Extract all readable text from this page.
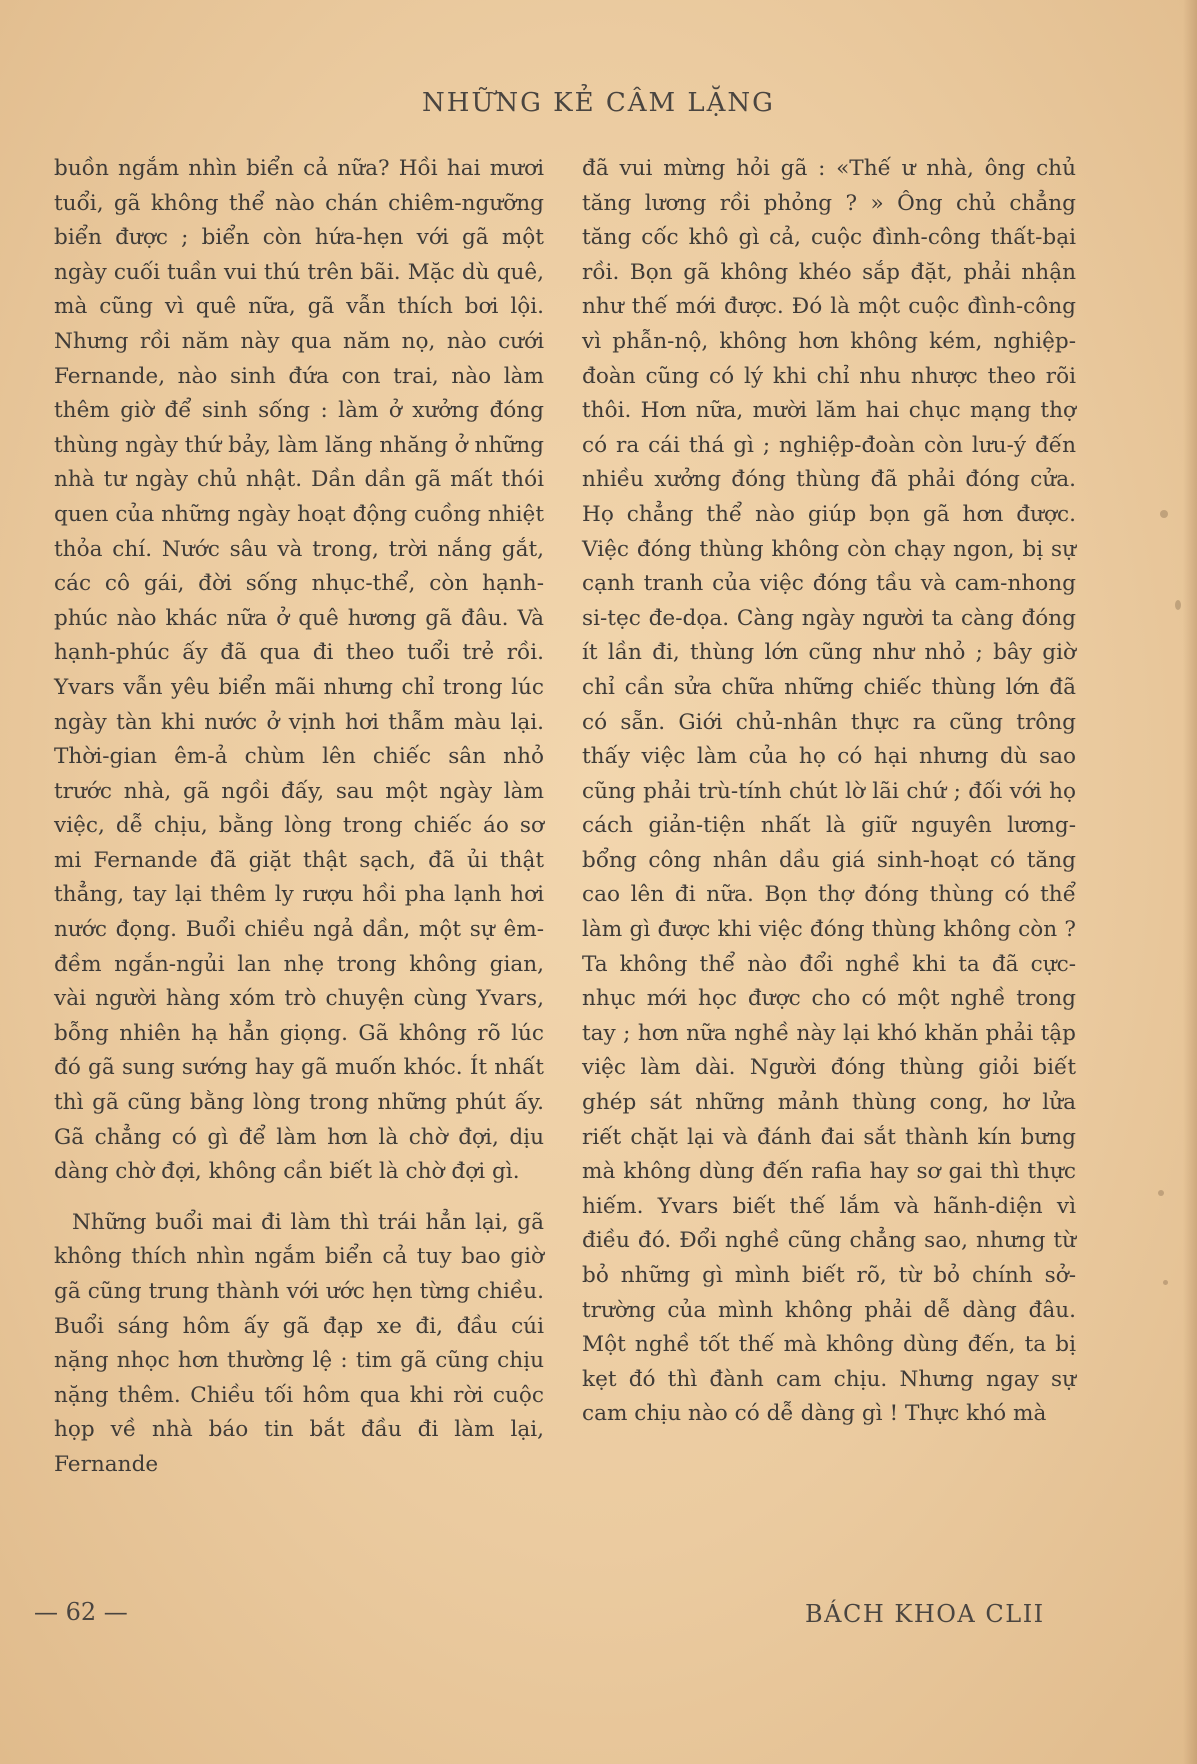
NHỮNG KẺ CÂM LẶNG

buồn ngắm nhìn biển cả nữa? Hồi hai mươi tuổi, gã không thể nào chán chiêm-ngưỡng biển được ; biển còn hứa-hẹn với gã một ngày cuối tuần vui thú trên bãi. Mặc dù quê, mà cũng vì quê nữa, gã vẫn thích bơi lội. Nhưng rồi năm này qua năm nọ, nào cưới Fernande, nào sinh đứa con trai, nào làm thêm giờ để sinh sống : làm ở xưởng đóng thùng ngày thứ bảy, làm lăng nhăng ở những nhà tư ngày chủ nhật. Dần dần gã mất thói quen của những ngày hoạt động cuồng nhiệt thỏa chí. Nước sâu và trong, trời nắng gắt, các cô gái, đời sống nhục-thể, còn hạnh-phúc nào khác nữa ở quê hương gã đâu. Và hạnh-phúc ấy đã qua đi theo tuổi trẻ rồi. Yvars vẫn yêu biển mãi nhưng chỉ trong lúc ngày tàn khi nước ở vịnh hơi thẫm màu lại. Thời-gian êm-ả chùm lên chiếc sân nhỏ trước nhà, gã ngồi đấy, sau một ngày làm việc, dễ chịu, bằng lòng trong chiếc áo sơ mi Fernande đã giặt thật sạch, đã ủi thật thẳng, tay lại thêm ly rượu hồi pha lạnh hơi nước đọng. Buổi chiều ngả dần, một sự êm-đềm ngắn-ngủi lan nhẹ trong không gian, vài người hàng xóm trò chuyện cùng Yvars, bỗng nhiên hạ hẳn giọng. Gã không rõ lúc đó gã sung sướng hay gã muốn khóc. Ít nhất thì gã cũng bằng lòng trong những phút ấy. Gã chẳng có gì để làm hơn là chờ đợi, dịu dàng chờ đợi, không cần biết là chờ đợi gì.

Những buổi mai đi làm thì trái hẳn lại, gã không thích nhìn ngắm biển cả tuy bao giờ gã cũng trung thành với ước hẹn từng chiều. Buổi sáng hôm ấy gã đạp xe đi, đầu cúi nặng nhọc hơn thường lệ : tim gã cũng chịu nặng thêm. Chiều tối hôm qua khi rời cuộc họp về nhà báo tin bắt đầu đi làm lại, Fernande

đã vui mừng hỏi gã : «Thế ư nhà, ông chủ tăng lương rồi phỏng ? » Ông chủ chẳng tăng cốc khô gì cả, cuộc đình-công thất-bại rồi. Bọn gã không khéo sắp đặt, phải nhận như thế mới được. Đó là một cuộc đình-công vì phẫn-nộ, không hơn không kém, nghiệp-đoàn cũng có lý khi chỉ nhu nhược theo rõi thôi. Hơn nữa, mười lăm hai chục mạng thợ có ra cái thá gì ; nghiệp-đoàn còn lưu-ý đến nhiều xưởng đóng thùng đã phải đóng cửa. Họ chẳng thể nào giúp bọn gã hơn được. Việc đóng thùng không còn chạy ngon, bị sự cạnh tranh của việc đóng tầu và cam-nhong si-tẹc đe-dọa. Càng ngày người ta càng đóng ít lần đi, thùng lớn cũng như nhỏ ; bây giờ chỉ cần sửa chữa những chiếc thùng lớn đã có sẵn. Giới chủ-nhân thực ra cũng trông thấy việc làm của họ có hại nhưng dù sao cũng phải trù-tính chút lờ lãi chứ ; đối với họ cách giản-tiện nhất là giữ nguyên lương-bổng công nhân dầu giá sinh-hoạt có tăng cao lên đi nữa. Bọn thợ đóng thùng có thể làm gì được khi việc đóng thùng không còn ? Ta không thể nào đổi nghề khi ta đã cực-nhục mới học được cho có một nghề trong tay ; hơn nữa nghề này lại khó khăn phải tập việc làm dài. Người đóng thùng giỏi biết ghép sát những mảnh thùng cong, hơ lửa riết chặt lại và đánh đai sắt thành kín bưng mà không dùng đến rafia hay sơ gai thì thực hiếm. Yvars biết thế lắm và hãnh-diện vì điều đó. Đổi nghề cũng chẳng sao, nhưng từ bỏ những gì mình biết rõ, từ bỏ chính sở-trường của mình không phải dễ dàng đâu. Một nghề tốt thế mà không dùng đến, ta bị kẹt đó thì đành cam chịu. Nhưng ngay sự cam chịu nào có dễ dàng gì ! Thực khó mà

— 62 —	BÁCH KHOA CLII
